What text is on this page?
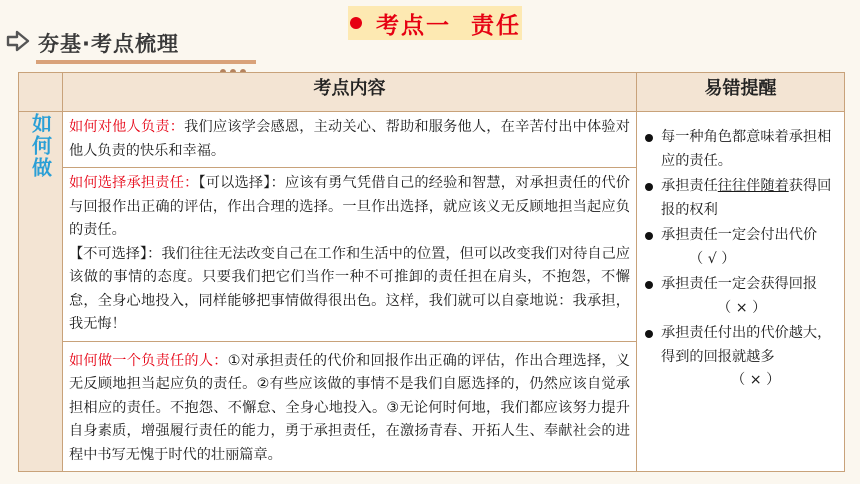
夯基·考点梳理
考点一  责任
	考点内容	易错提醒
如何做	如何对他人负责：我们应该学会感恩，主动关心、帮助和服务他人，在辛苦付出中体验对他人负责的快乐和幸福。	每一种角色都意味着承担相应的责任。
承担责任往往伴随着获得回报的权利
承担责任一定会付出代价（ √ ）
承担责任一定会获得回报（ × ）
承担责任付出的代价越大，得到的回报就越多（ × ）

	如何选择承担责任：【可以选择】：应该有勇气凭借自己的经验和智慧，对承担责任的代价与回报作出正确的评估，作出合理的选择。一旦作出选择，就应该义无反顾地担当起应负的责任。
【不可选择】：我们往往无法改变自己在工作和生活中的位置，但可以改变我们对待自己应该做的事情的态度。只要我们把它们当作一种不可推卸的责任担在肩头，不抱怨，不懈怠，全身心地投入，同样能够把事情做得很出色。这样，我们就可以自豪地说：我承担，我无悔！	
	如何做一个负责任的人：①对承担责任的代价和回报作出正确的评估，作出合理选择，义无反顾地担当起应负的责任。②有些应该做的事情不是我们自愿选择的，仍然应该自觉承担相应的责任。不抱怨、不懈怠、全身心地投入。③无论何时何地，我们都应该努力提升自身素质，增强履行责任的能力，勇于承担责任，在激扬青春、开拓人生、奉献社会的进程中书写无愧于时代的壮丽篇章。	
